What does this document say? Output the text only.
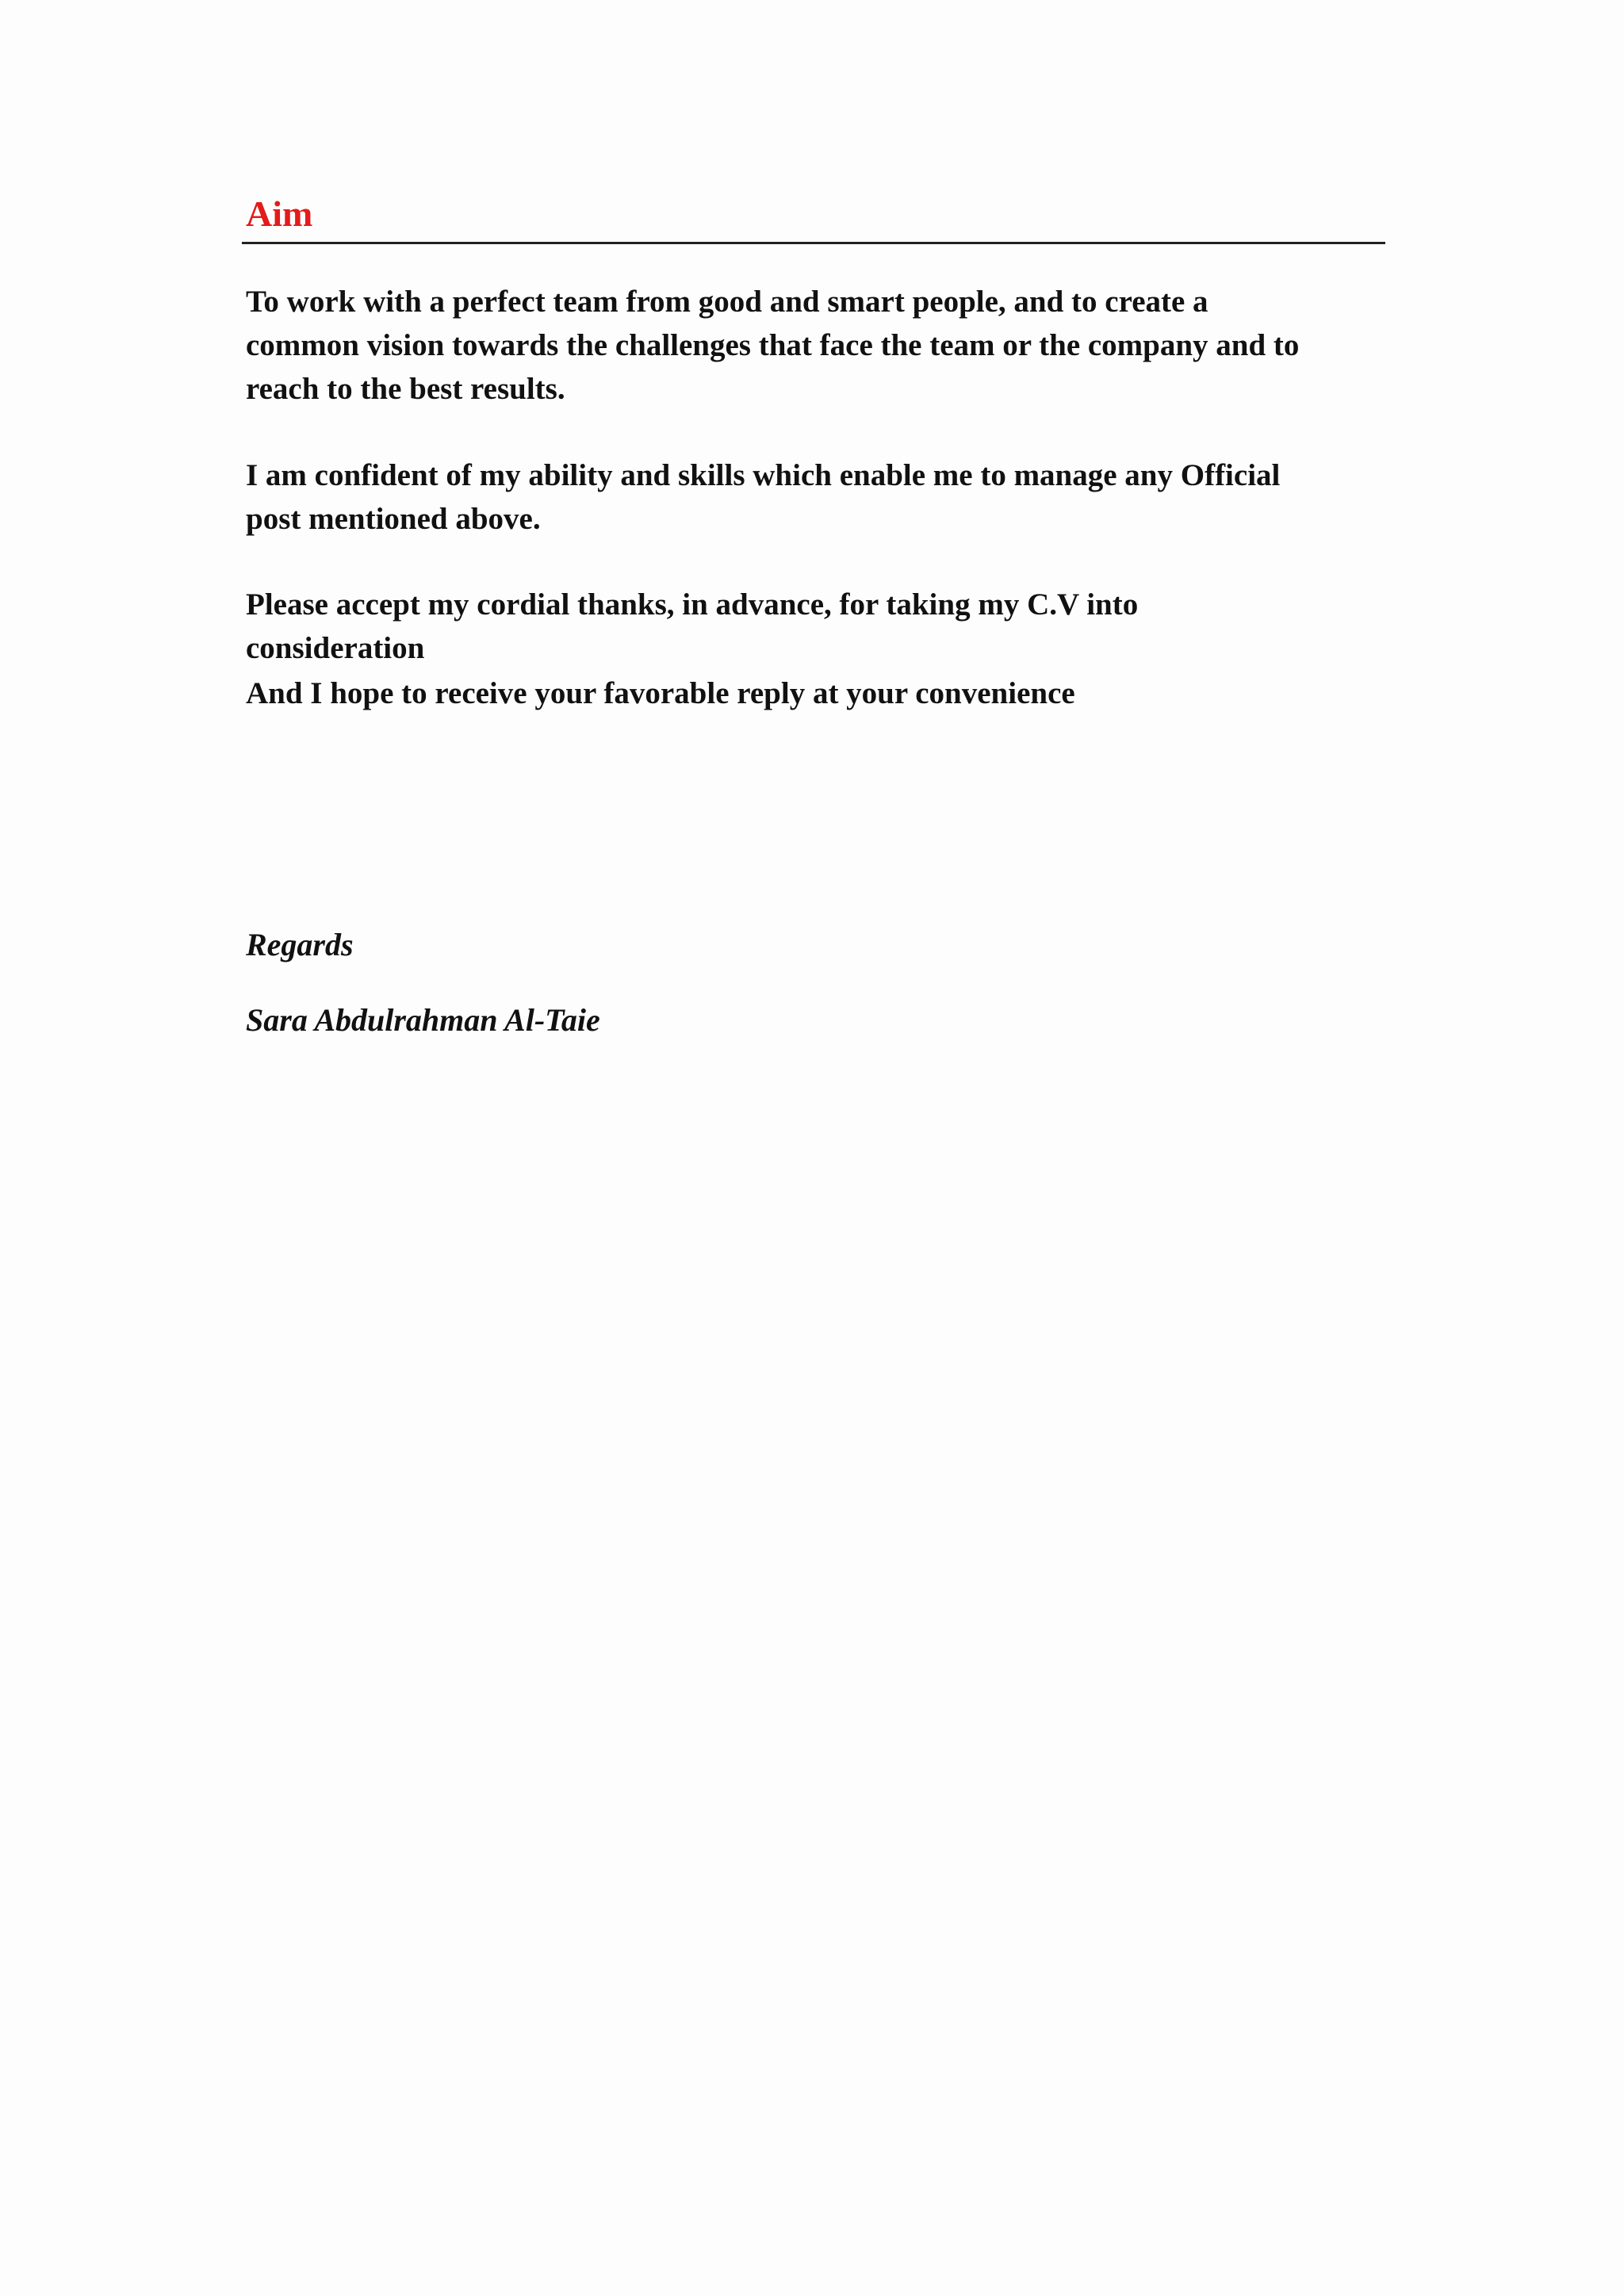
Aim

To work with a perfect team from good and smart people, and to create a
common vision towards the challenges that face the team or the company and to
reach to the best results.

I am confident of my ability and skills which enable me to manage any Official
post mentioned above.

Please accept my cordial thanks, in advance, for taking my C.V into
consideration

And I hope to receive your favorable reply at your convenience

Regards
Sara Abdulrahman Al-Taie
